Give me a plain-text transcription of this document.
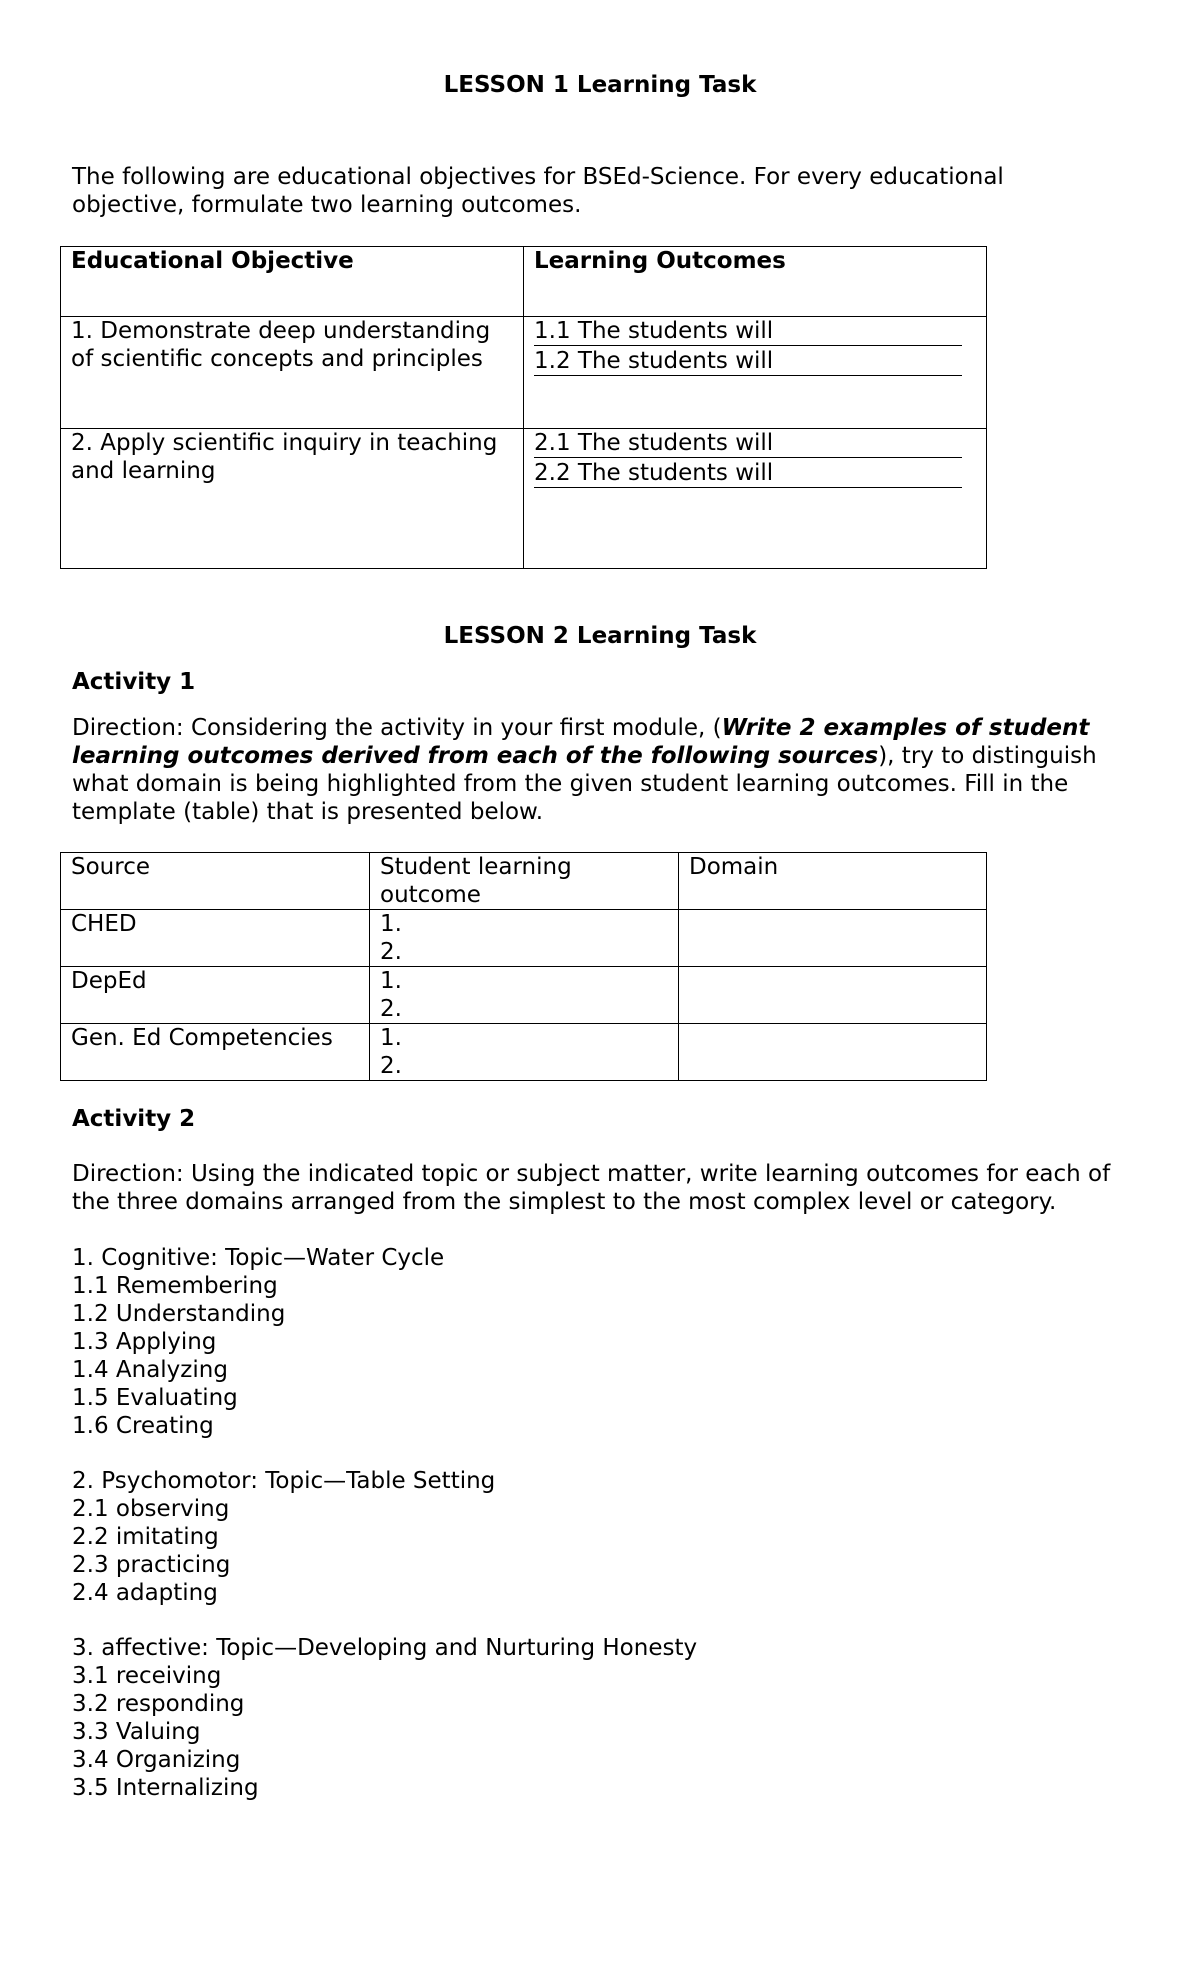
LESSON 1 Learning Task

The following are educational objectives for BSEd-Science. For every educational objective, formulate two learning outcomes.

Educational Objective	Learning Outcomes
1. Demonstrate deep understanding of scientific concepts and principles	1.1 The students will
1.2 The students will

2. Apply scientific inquiry in teaching and learning	2.1 The students will
2.2 The students will
LESSON 2 Learning Task
Activity 1

Direction: Considering the activity in your first module, (Write 2 examples of student learning outcomes derived from each of the following sources), try to distinguish what domain is being highlighted from the given student learning outcomes. Fill in the template (table) that is presented below.

Source	Student learning outcome	Domain
CHED	1.
2.	

DepEd	1.
2.	

Gen. Ed Competencies	1.
2.	

Activity 2

Direction: Using the indicated topic or subject matter, write learning outcomes for each of the three domains arranged from the simplest to the most complex level or category.

1. Cognitive: Topic—Water Cycle
1.1 Remembering
1.2 Understanding
1.3 Applying
1.4 Analyzing
1.5 Evaluating
1.6 Creating
2. Psychomotor: Topic—Table Setting
2.1 observing
2.2 imitating
2.3 practicing
2.4 adapting
3. affective: Topic—Developing and Nurturing Honesty
3.1 receiving
3.2 responding
3.3 Valuing
3.4 Organizing
3.5 Internalizing
